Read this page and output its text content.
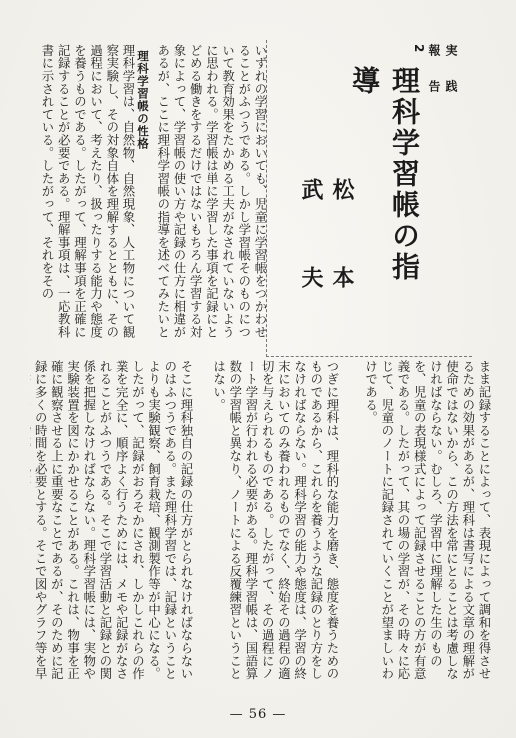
実　践　報　告 2
理科学習帳の指導
松　本　武　夫
いずれの学習においても、児童に学習帳をつかわせることがふつうである。しかし学習帳そのものについて教育効果をたかめる工夫がなされていないように思われる。学習帳は単に学習した事項を記録にとどめる働きをするだけではないもちろん学習する対象によって、学習帳の使い方や記録の仕方に相違があるが、ここに理科学習帳の指導を述べてみたいと
理科学習帳の性格
理科学習は、自然物、自然現象、人工物について観察実験し、その対象自体を理解するとともに、その過程において、考えたり、扱ったりする能力や態度を養うものである。したがって、理解事項を正確に記録することが必要である。理解事項は、一応教科書に示されている。したがって、それをその
まま記録することによって、表現によって調和を得させるための効果があるが、理科は書写による文章の理解が使命ではないから、この方法を常にとることは考慮しなければならない。むしろ、学習中に理解した生のものを、児童の表現様式によって記録させることの方が有意義である。したがって、其の場の学習が、その時々に応じて、児童のノートに記録されていくことが望ましいわけである。
つぎに理科は、理科的な能力を磨き、態度を養うためのものであるから、これらを養うような記録のとり方をしなければならない。理科学習の能力や態度は、学習の終末においてのみ養われるものでなく、終始その過程の適切を与えられるものである。したがって、その過程にノート学習が行われる必要がある。理科学習帳は、国語算数の学習帳と異なり、ノートによる反覆練習ということはない。
そこに理科独自の記録の仕方がとられなければならないのはふつうである。また理科学習では、記録ということよりも実験観察、飼育栽培、観測製作等が中心になる。したがって、記録がおろそかにされ、しかしこれらの作業を完全に、順序よく行うためには、メモや記録がなされることがふつうである。そこで学習活動と記録との関係を把握しなければならない。理科学習帳には、実物や実験装置を図にかかせることがある。これは、物事を正確に観察させる上に重要なことであるが、そのために記録に多くの時間を必要とする。そこで図やグラフ等を早
— 56 —
